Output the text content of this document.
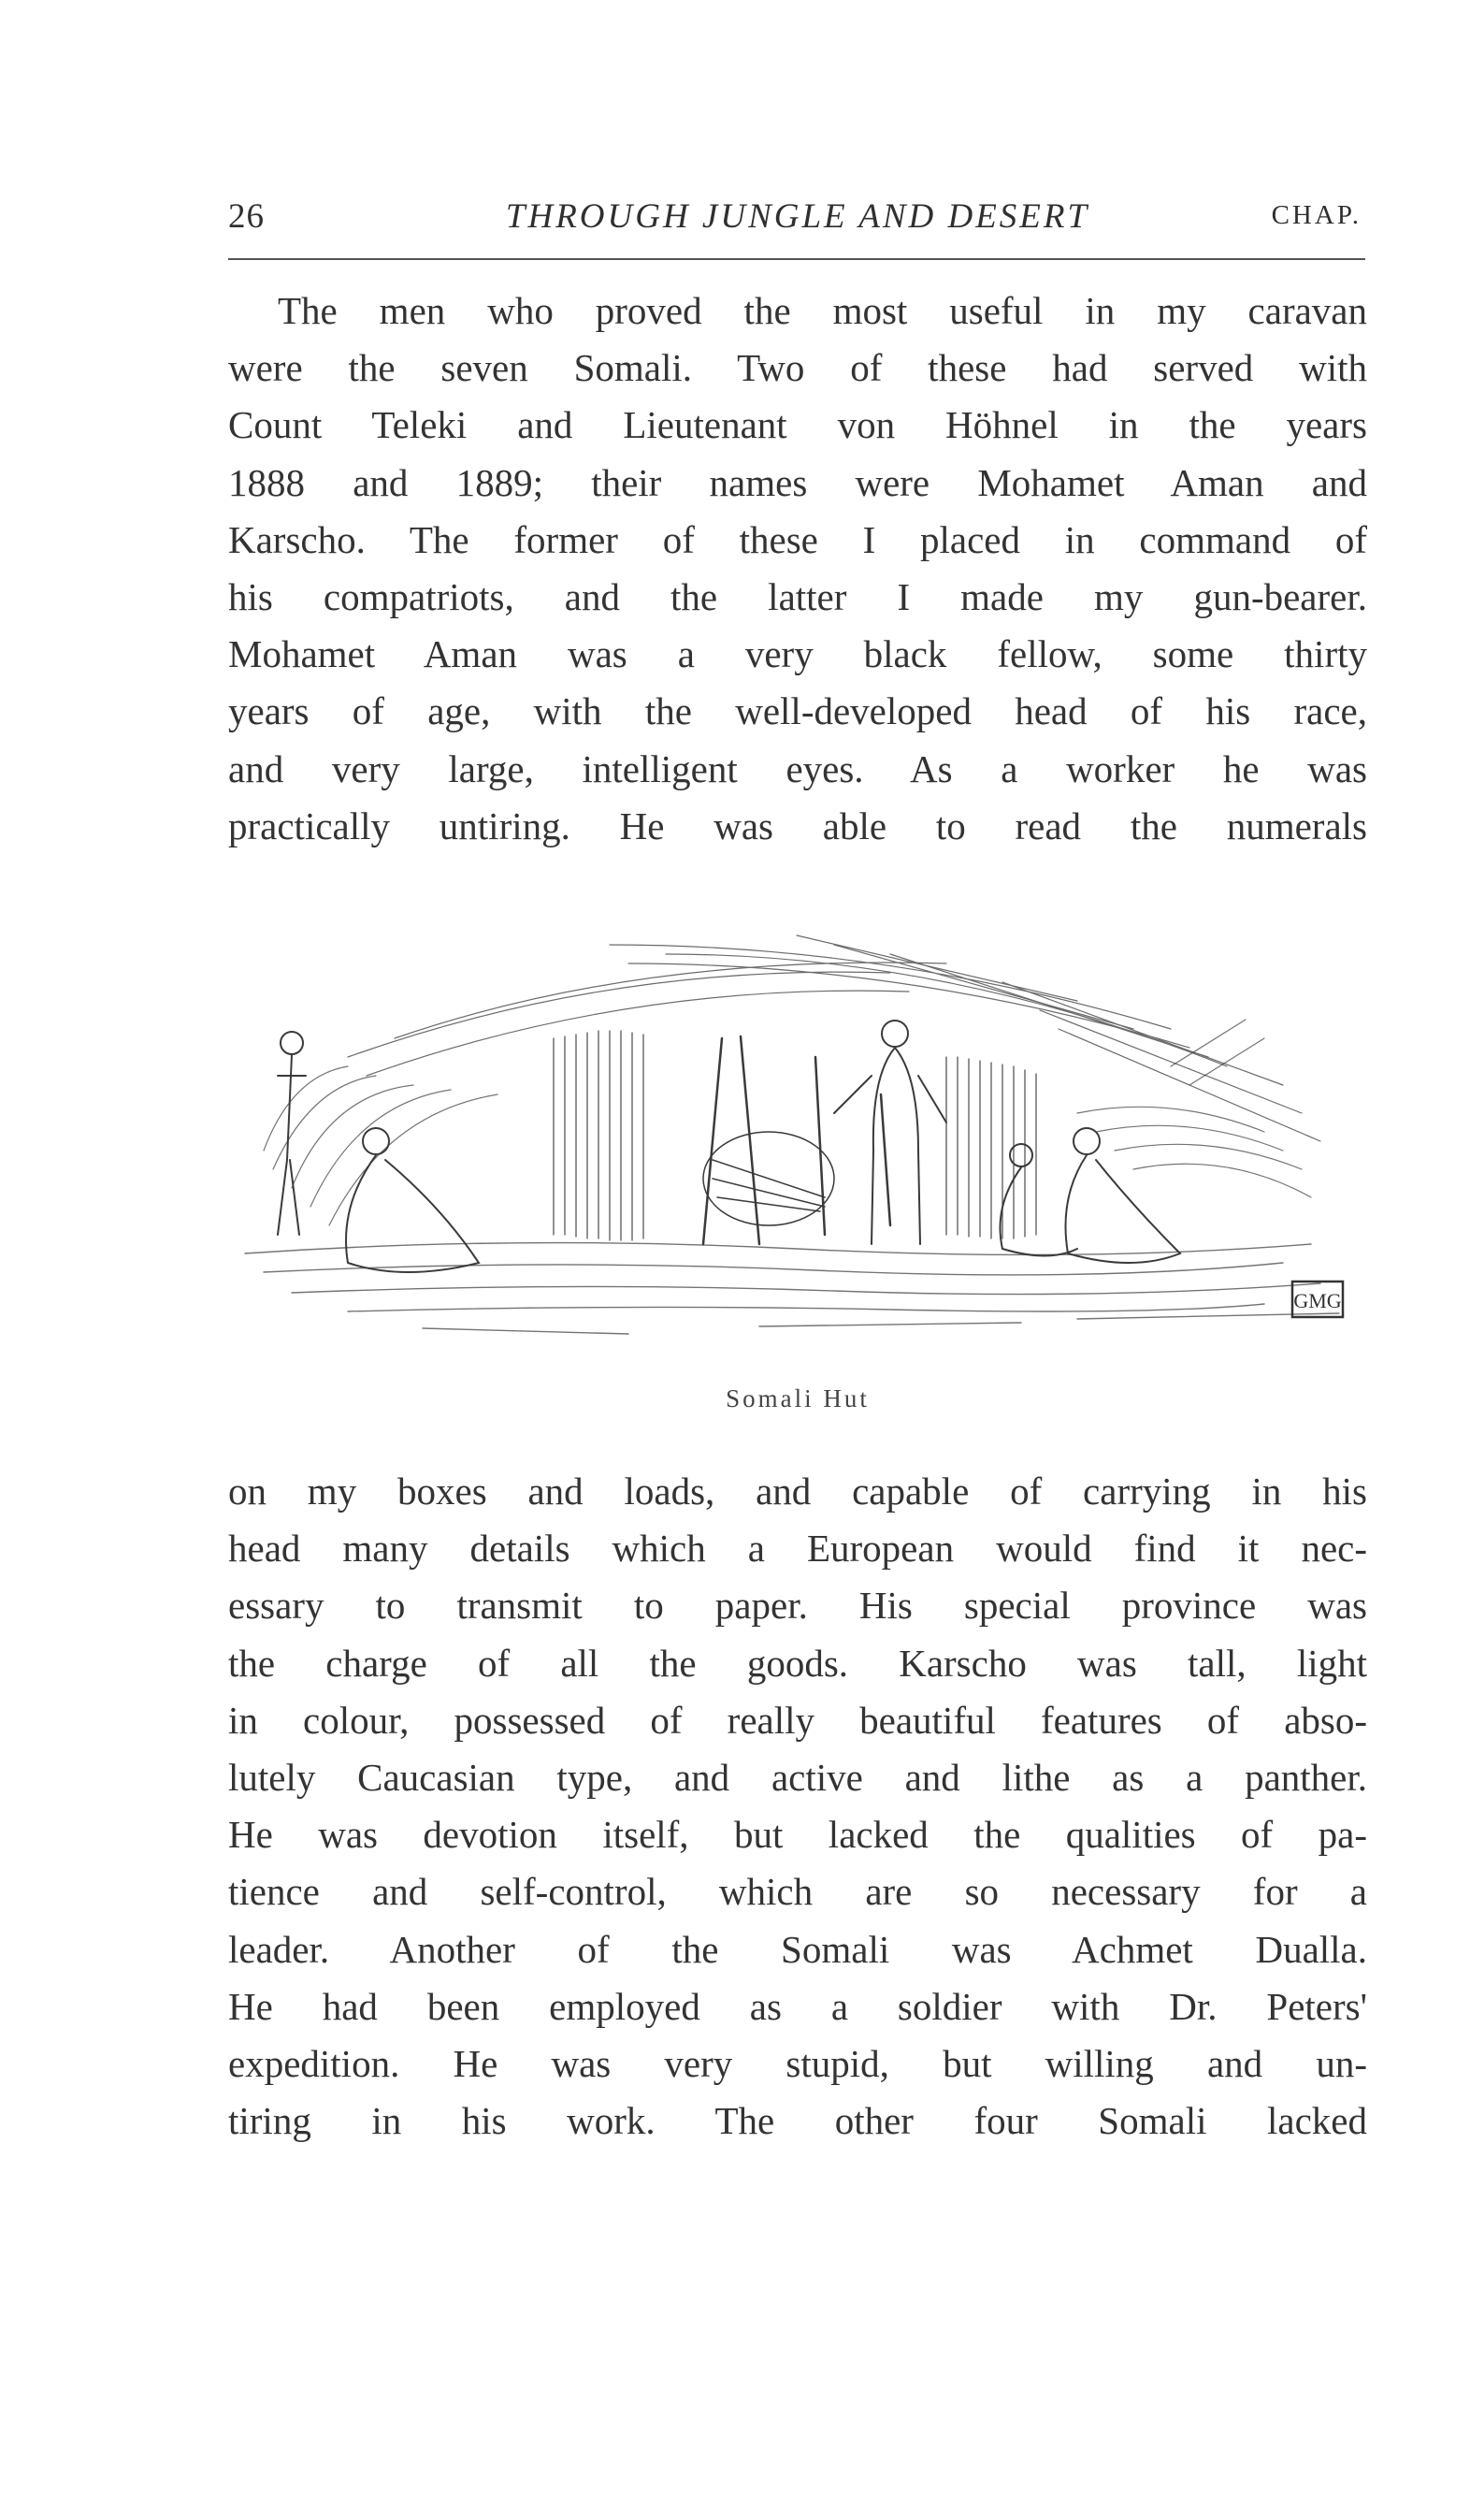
26	THROUGH JUNGLE AND DESERT	CHAP.
The men who proved the most useful in my caravan
were the seven Somali. Two of these had served with
Count Teleki and Lieutenant von Höhnel in the years
1888 and 1889; their names were Mohamet Aman and
Karscho. The former of these I placed in command of
his compatriots, and the latter I made my gun-bearer.
Mohamet Aman was a very black fellow, some thirty
years of age, with the well-developed head of his race,
and very large, intelligent eyes. As a worker he was
practically untiring. He was able to read the numerals
GMG
Somali Hut
on my boxes and loads, and capable of carrying in his
head many details which a European would find it nec-
essary to transmit to paper. His special province was
the charge of all the goods. Karscho was tall, light
in colour, possessed of really beautiful features of abso-
lutely Caucasian type, and active and lithe as a panther.
He was devotion itself, but lacked the qualities of pa-
tience and self-control, which are so necessary for a
leader. Another of the Somali was Achmet Dualla.
He had been employed as a soldier with Dr. Peters'
expedition. He was very stupid, but willing and un-
tiring in his work. The other four Somali lacked
